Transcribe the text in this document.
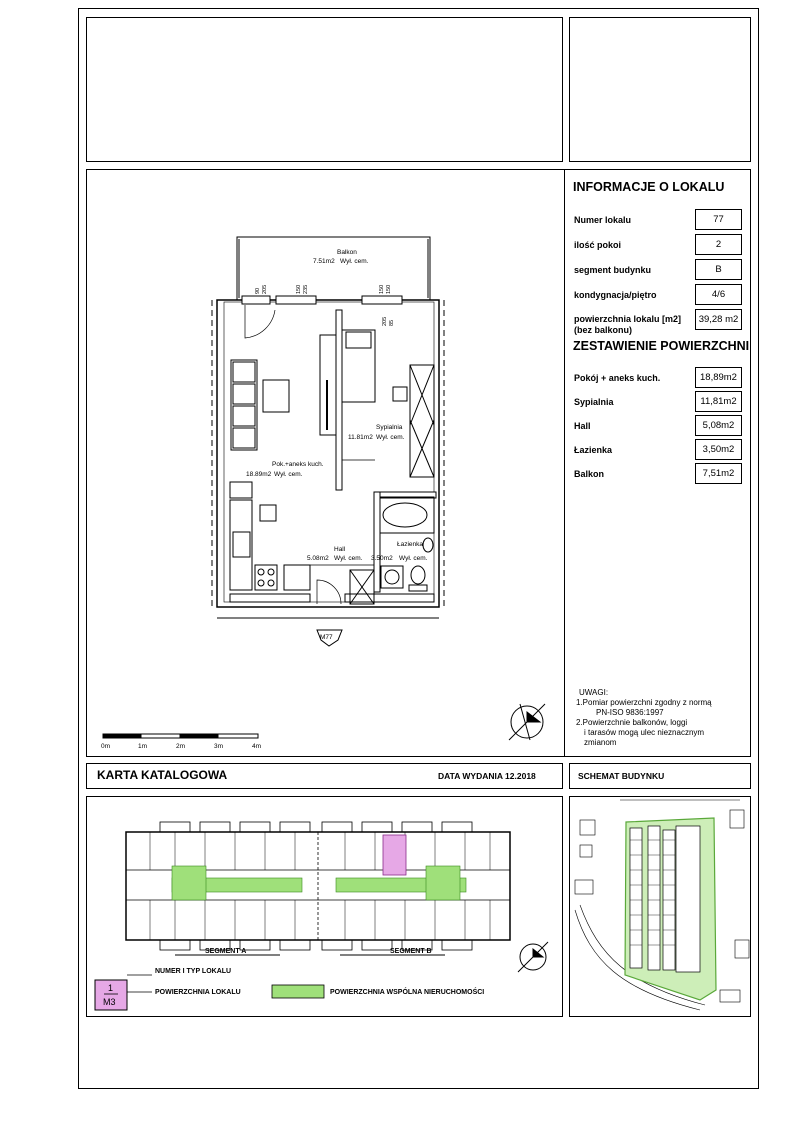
INFORMACJE O LOKALU
Numer lokalu	77
ilość pokoi	2
segment budynku	B
kondygnacja/piętro	4/6
powierzchnia lokalu [m2]
(bez balkonu)
39,28 m2
ZESTAWIENIE POWIERZCHNI
Pokój + aneks kuch.	18,89m2
Sypialnia	11,81m2
Hall	5,08m2
Łazienka	3,50m2
Balkon	7,51m2
UWAGI:
1.Pomiar powierzchni zgodny z normą
PN-ISO 9836:1997
2.Powierzchnie balkonów, loggi
i tarasów mogą ulec nieznacznym
zmianom
Balkon
7.51m2 Wył. cem.
Sypialnia
11.81m2 Wył. cem.
Pok.+aneks kuch.
18.89m2 Wył. cem.
Hall
5.08m2 Wył. cem.
Łazienka
3.50m2 Wył. cem.
M77
90 205	150 235	150 150
205 85
0m	1m	2m	3m	4m
KARTA KATALOGOWA	DATA WYDANIA 12.2018	SCHEMAT BUDYNKU
SEGMENT A	SEGMENT B
1
M3
NUMER I TYP LOKALU
POWIERZCHNIA LOKALU	POWIERZCHNIA WSPÓLNA NIERUCHOMOŚCI
